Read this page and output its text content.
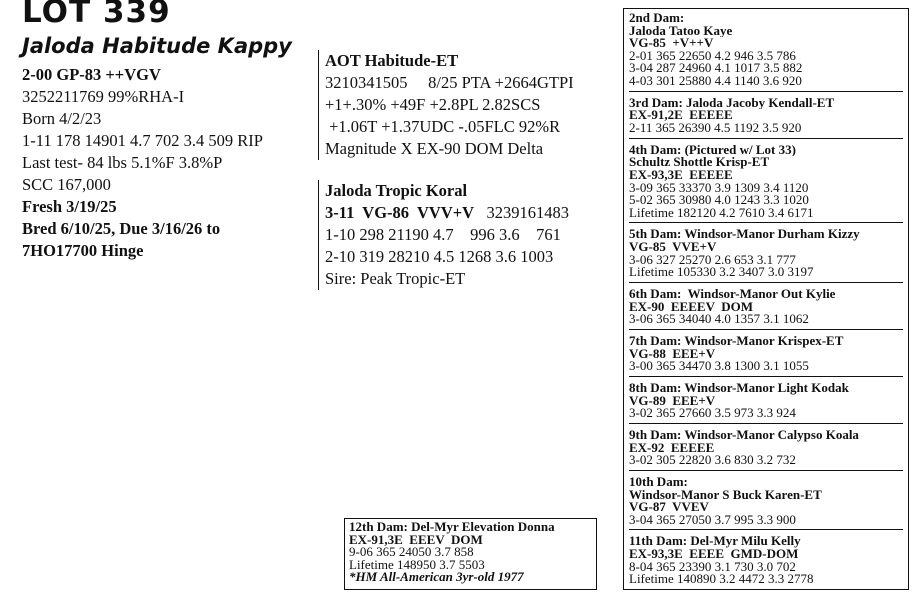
LOT 339
Jaloda Habitude Kappy
2-00 GP-83 ++VGV
3252211769 99%RHA-I
Born 4/2/23
1-11 178 14901 4.7 702 3.4 509 RIP
Last test- 84 lbs 5.1%F 3.8%P
SCC 167,000
Fresh 3/19/25
Bred 6/10/25, Due 3/16/26 to
7HO17700 Hinge
AOT Habitude-ET
3210341505     8/25 PTA +2664GTPI
+1+.30% +49F +2.8PL 2.82SCS
+1.06T +1.37UDC -.05FLC 92%R
Magnitude X EX-90 DOM Delta
Jaloda Tropic Koral
3-11  VG-86  VVV+V 3239161483
1-10 298 21190 4.7    996 3.6    761
2-10 319 28210 4.5 1268 3.6 1003
Sire: Peak Tropic-ET
2nd Dam:
Jaloda Tatoo Kaye
VG-85  +V++V
2-01 365 22650 4.2 946 3.5 786
3-04 287 24960 4.1 1017 3.5 882
4-03 301 25880 4.4 1140 3.6 920
3rd Dam: Jaloda Jacoby Kendall-ET
EX-91,2E  EEEEE
2-11 365 26390 4.5 1192 3.5 920
4th Dam: (Pictured w/ Lot 33)
Schultz Shottle Krisp-ET
EX-93,3E  EEEEE
3-09 365 33370 3.9 1309 3.4 1120
5-02 365 30980 4.0 1243 3.3 1020
Lifetime 182120 4.2 7610 3.4 6171
5th Dam: Windsor-Manor Durham Kizzy
VG-85  VVE+V
3-06 327 25270 2.6 653 3.1 777
Lifetime 105330 3.2 3407 3.0 3197
6th Dam:  Windsor-Manor Out Kylie
EX-90  EEEEV  DOM
3-06 365 34040 4.0 1357 3.1 1062
7th Dam: Windsor-Manor Krispex-ET
VG-88  EEE+V
3-00 365 34470 3.8 1300 3.1 1055
8th Dam: Windsor-Manor Light Kodak
VG-89  EEE+V
3-02 365 27660 3.5 973 3.3 924
9th Dam: Windsor-Manor Calypso Koala
EX-92  EEEEE
3-02 305 22820 3.6 830 3.2 732
10th Dam:
Windsor-Manor S Buck Karen-ET
VG-87  VVEV
3-04 365 27050 3.7 995 3.3 900
11th Dam: Del-Myr Milu Kelly
EX-93,3E  EEEE  GMD-DOM
8-04 365 23390 3.1 730 3.0 702
Lifetime 140890 3.2 4472 3.3 2778
12th Dam: Del-Myr Elevation Donna
EX-91,3E  EEEV  DOM
9-06 365 24050 3.7 858
Lifetime 148950 3.7 5503
*HM All-American 3yr-old 1977
